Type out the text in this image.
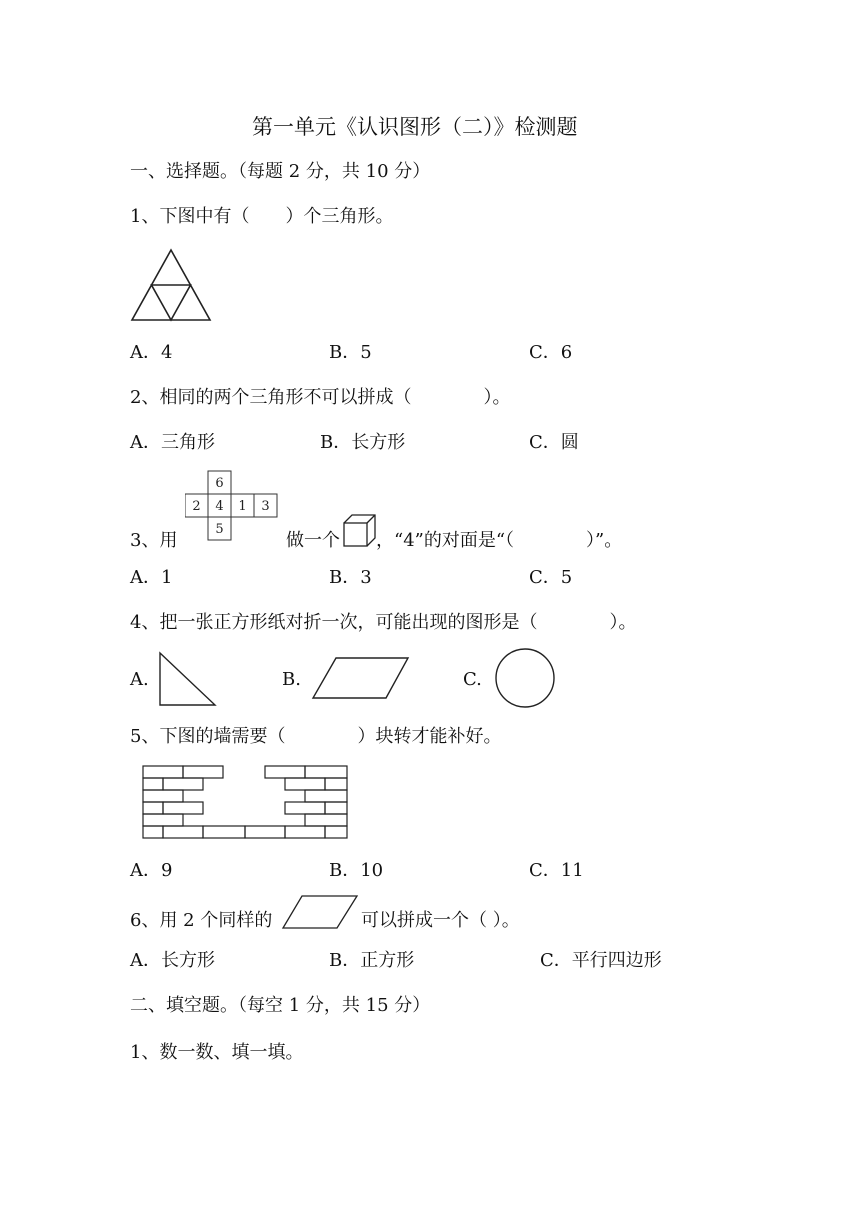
第一单元《认识图形（二）》检测题
一、选择题。（每题 2 分，共 10 分）
1、下图中有（　　）个三角形。
A．4	B．5	C．6
2、相同的两个三角形不可以拼成（　　　　）。
A．三角形	B．长方形	C．圆
6
2 4 1 3
5
3、用	做一个 ，“4”的对面是“（　　　　）”。
A．1	B．3	C．5
4、把一张正方形纸对折一次，可能出现的图形是（　　　　）。
A.	B.	C.
5、下图的墙需要（　　　　）块转才能补好。
A．9	B．10	C．11
6、用 2 个同样的	可以拼成一个（ ）。
A．长方形	B．正方形	C．平行四边形
二、填空题。（每空 1 分，共 15 分）
1、数一数、填一填。
